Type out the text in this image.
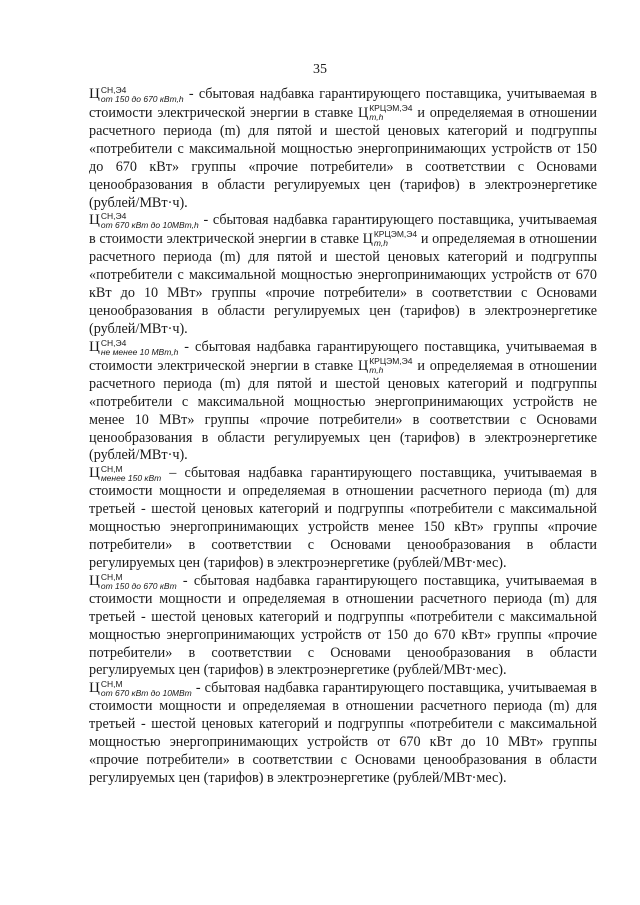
35

Ц СН,Э4
от 150 до 670 кВт,h - сбытовая надбавка гарантирующего поставщика, учитываемая в стоимости электрической энергии в ставке Ц КРЦЭМ,Э4
m,h	и определяемая в отношении расчетного периода (m) для пятой и шестой ценовых категорий и подгруппы «потребители с максимальной мощностью энергопринимающих устройств от 150 до 670 кВт» группы «прочие потребители» в соответствии с Основами ценообразования в области регулируемых цен (тарифов) в электроэнергетике (рублей/МВт·ч).

Ц СН,Э4
от 670 кВт до 10МВт,h - сбытовая надбавка гарантирующего поставщика, учитываемая в стоимости электрической энергии в ставке Ц КРЦЭМ,Э4
m,h	и определяемая в отношении расчетного периода (m) для пятой и шестой ценовых категорий и подгруппы «потребители с максимальной мощностью энергопринимающих устройств от 670 кВт до 10 МВт» группы «прочие потребители» в соответствии с Основами ценообразования в области регулируемых цен (тарифов) в электроэнергетике (рублей/МВт·ч).

Ц СН,Э4
не менее 10 МВт,h - сбытовая надбавка гарантирующего поставщика, учитываемая в стоимости электрической энергии в ставке Ц КРЦЭМ,Э4
m,h	и определяемая в отношении расчетного периода (m) для пятой и шестой ценовых категорий и подгруппы «потребители с максимальной мощностью энергопринимающих устройств не менее 10 МВт» группы «прочие потребители» в соответствии с Основами ценообразования в области регулируемых цен (тарифов) в электроэнергетике (рублей/МВт·ч).

Ц СН,М
менее 150 кВт – сбытовая надбавка гарантирующего поставщика, учитываемая в стоимости мощности и определяемая в отношении расчетного периода (m) для третьей - шестой ценовых категорий и подгруппы «потребители с максимальной мощностью энергопринимающих устройств менее 150 кВт» группы «прочие потребители» в соответствии с Основами ценообразования в области регулируемых цен (тарифов) в электроэнергетике (рублей/МВт·мес).

Ц СН,М
от 150 до 670 кВт - сбытовая надбавка гарантирующего поставщика, учитываемая в стоимости мощности и определяемая в отношении расчетного периода (m) для третьей - шестой ценовых категорий и подгруппы «потребители с максимальной мощностью энергопринимающих устройств от 150 до 670 кВт» группы «прочие потребители» в соответствии с Основами ценообразования в области регулируемых цен (тарифов) в электроэнергетике (рублей/МВт·мес).

Ц СН,М
от 670 кВт до 10МВт - сбытовая надбавка гарантирующего поставщика, учитываемая в стоимости мощности и определяемая в отношении расчетного периода (m) для третьей - шестой ценовых категорий и подгруппы «потребители с максимальной мощностью энергопринимающих устройств от 670 кВт до 10 МВт» группы «прочие потребители» в соответствии с Основами ценообразования в области регулируемых цен (тарифов) в электроэнергетике (рублей/МВт·мес).
